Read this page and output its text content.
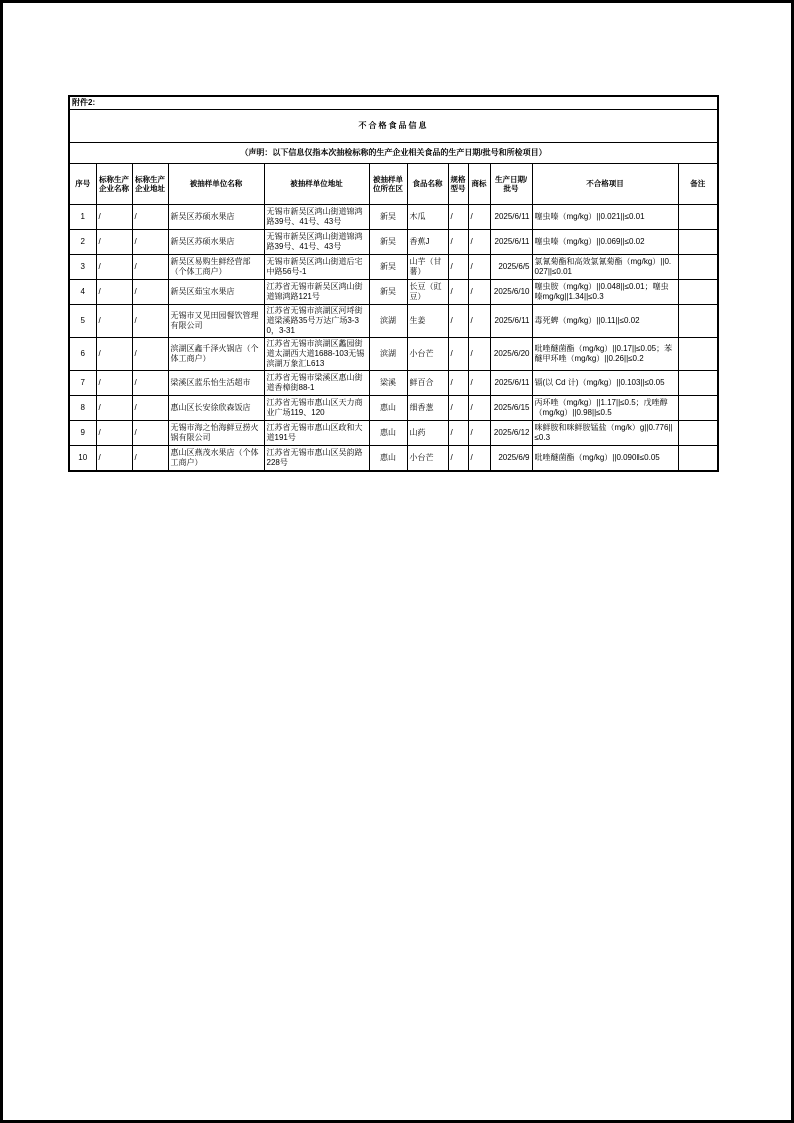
附件2:											
不合格食品信息											
（声明：以下信息仅指本次抽检标称的生产企业相关食品的生产日期/批号和所检项目）											
序号	标称生产企业名称	标称生产企业地址	被抽样单位名称	被抽样单位地址	被抽样单位所在区	食品名称	规格型号	商标	生产日期/批号	不合格项目	备注
1	/	/	新吴区苏硕水果店	无锡市新吴区鸿山街道锦鸿路39号、41号、43号	新吴	木瓜	/	/	2025/6/11	噻虫嗪（mg/kg）||0.021||≤0.01	
2	/	/	新吴区苏硕水果店	无锡市新吴区鸿山街道锦鸿路39号、41号、43号	新吴	香蕉J	/	/	2025/6/11	噻虫嗪（mg/kg）||0.069||≤0.02	
3	/	/	新吴区易购生鲜经营部（个体工商户）	无锡市新吴区鸿山街道后宅中路56号-1	新吴	山芋（甘薯）	/	/	2025/6/5	氯氰菊酯和高效氯氰菊酯（mg/kg）||0.027||≤0.01	
4	/	/	新吴区茹宝水果店	江苏省无锡市新吴区鸿山街道锦鸿路121号	新吴	长豆（豇豆）	/	/	2025/6/10	噻虫胺（mg/kg）||0.048||≤0.01；噻虫嗪mg/kg||1.34||≤0.3	
5	/	/	无锡市又见田园餐饮管理有限公司	江苏省无锡市滨湖区河埒街道梁溪路35号万达广场3-30，3-31	滨湖	生姜	/	/	2025/6/11	毒死蜱（mg/kg）||0.11||≤0.02	
6	/	/	滨湖区鑫千泽火锅店（个体工商户）	江苏省无锡市滨湖区蠡园街道太湖西大道1688-103无锡滨湖万象汇L613	滨湖	小台芒	/	/	2025/6/20	吡唑醚菌酯（mg/kg）||0.17||≤0.05；苯醚甲环唑（mg/kg）||0.26||≤0.2	
7	/	/	梁溪区蓝乐怡生活超市	江苏省无锡市梁溪区惠山街道香樟街88-1	梁溪	鲜百合	/	/	2025/6/11	镉(以 Cd 计)（mg/kg）||0.103||≤0.05	
8	/	/	惠山区长安徐欣森饭店	江苏省无锡市惠山区天力商业广场119、120	惠山	细香葱	/	/	2025/6/15	丙环唑（mg/kg）||1.17||≤0.5；戊唑醇（mg/kg）||0.98||≤0.5	
9	/	/	无锡市海之怡海鲜豆捞火锅有限公司	江苏省无锡市惠山区政和大道191号	惠山	山药	/	/	2025/6/12	咪鲜胺和咪鲜胺锰盐（mg/k）g||0.776||≤0.3	
10	/	/	惠山区燕茂水果店（个体工商户）	江苏省无锡市惠山区吴韵路228号	惠山	小台芒	/	/	2025/6/9	吡唑醚菌酯（mg/kg）||0.090‖≤0.05	
